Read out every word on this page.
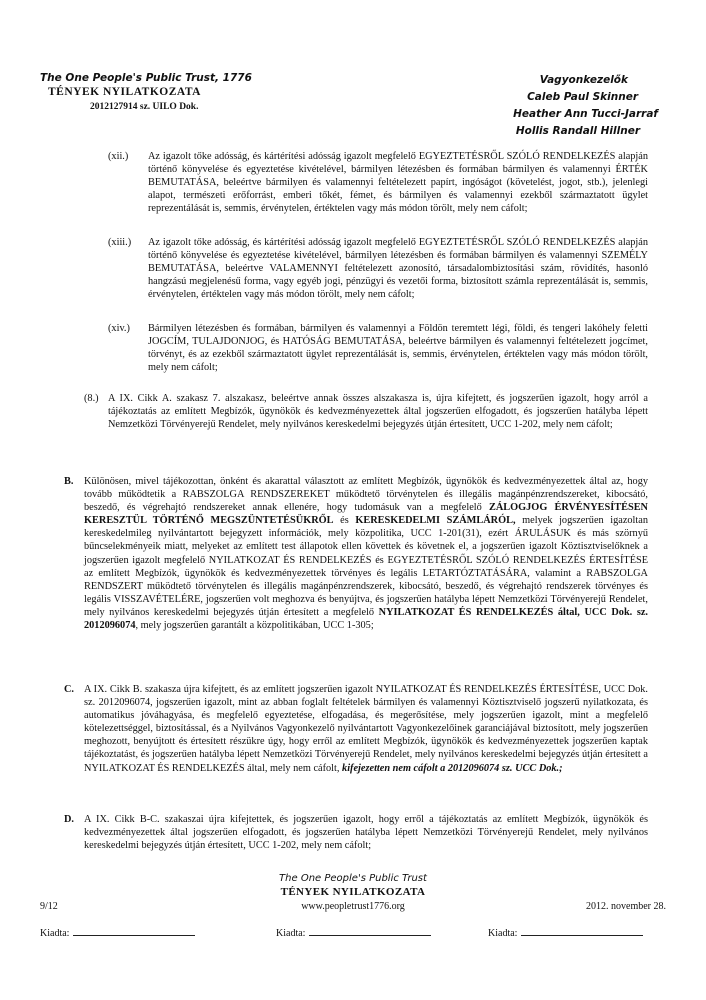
The One People's Public Trust, 1776
TÉNYEK NYILATKOZATA
2012127914 sz. UILO Dok.
Vagyonkezelők
Caleb Paul Skinner
Heather Ann Tucci-Jarraf
Hollis Randall Hillner
(xii.)	Az igazolt tőke adósság, és kártérítési adósság igazolt megfelelő EGYEZTETÉSRŐL SZÓLÓ RENDELKEZÉS alapján történő könyvelése és egyeztetése kivételével, bármilyen létezésben és formában bármilyen és valamennyi ÉRTÉK BEMUTATÁSA, beleértve bármilyen és valamennyi feltételezett papírt, ingóságot (követelést, jogot, stb.), jelenlegi alapot, természeti erőforrást, emberi tőkét, fémet, és bármilyen és valamennyi ezekből származtatott ügylet reprezentálását is, semmis, érvénytelen, értéktelen vagy más módon törölt, mely nem cáfolt;
(xiii.)	Az igazolt tőke adósság, és kártérítési adósság igazolt megfelelő EGYEZTETÉSRŐL SZÓLÓ RENDELKEZÉS alapján történő könyvelése és egyeztetése kivételével, bármilyen létezésben és formában bármilyen és valamennyi SZEMÉLY BEMUTATÁSA, beleértve VALAMENNYI feltételezett azonosító, társadalombiztosítási szám, rövidítés, hasonló hangzású megjelenésű forma, vagy egyéb jogi, pénzügyi és vezetői forma, biztosított számla reprezentálását is, semmis, érvénytelen, értéktelen vagy más módon törölt, mely nem cáfolt;
(xiv.)	Bármilyen létezésben és formában, bármilyen és valamennyi a Földön teremtett légi, földi, és tengeri lakóhely feletti JOGCÍM, TULAJDONJOG, és HATÓSÁG BEMUTATÁSA, beleértve bármilyen és valamennyi feltételezett jogcímet, törvényt, és az ezekből származtatott ügylet reprezentálását is, semmis, érvénytelen, értéktelen vagy más módon törölt, mely nem cáfolt;
(8.) A IX. Cikk A. szakasz 7. alszakasz, beleértve annak összes alszakasza is, újra kifejtett, és jogszerűen igazolt, hogy arról a tájékoztatás az említett Megbízók, ügynökök és kedvezményezettek által jogszerűen elfogadott, és jogszerűen hatályba lépett Nemzetközi Törvényerejű Rendelet, mely nyilvános kereskedelmi bejegyzés útján értesített, UCC 1-202, mely nem cáfolt;
B. Különösen, mivel tájékozottan, önként és akarattal választott az említett Megbízók, ügynökök és kedvezményezettek által az, hogy tovább működtetik a RABSZOLGA RENDSZEREKET működtető törvénytelen és illegális magánpénzrendszereket, kibocsátó, beszedő, és végrehajtó rendszereket annak ellenére, hogy tudomásuk van a megfelelő ZÁLOGJOG ÉRVÉNYESÍTÉSEN KERESZTÜL TÖRTÉNŐ MEGSZÜNTETÉSÜKRŐL és KERESKEDELMI SZÁMLÁRÓL, melyek jogszerűen igazoltan kereskedelmileg nyilvántartott bejegyzett információk, mely közpolitika, UCC 1-201(31), ezért ÁRULÁSUK és más szörnyű bűncselekményeik miatt, melyeket az említett test állapotok ellen követtek és követnek el, a jogszerűen igazolt Köztisztviselőknek a jogszerűen igazolt megfelelő NYILATKOZAT ÉS RENDELKEZÉS és EGYEZTETÉSRŐL SZÓLÓ RENDELKEZÉS ÉRTESÍTÉSE az említett Megbízók, ügynökök és kedvezményezettek törvényes és legális LETARTÓZTATÁSÁRA, valamint a RABSZOLGA RENDSZERT működtető törvénytelen és illegális magánpénzrendszerek, kibocsátó, beszedő, és végrehajtó rendszerek törvényes és legális VISSZAVÉTELÉRE, jogszerűen volt meghozva és benyújtva, és jogszerűen hatályba lépett Nemzetközi Törvényerejű Rendelet, mely nyilvános kereskedelmi bejegyzés útján értesített a megfelelő NYILATKOZAT ÉS RENDELKEZÉS által, UCC Dok. sz. 2012096074, mely jogszerűen garantált a közpolitikában, UCC 1-305;
C. A IX. Cikk B. szakasza újra kifejtett, és az említett jogszerűen igazolt NYILATKOZAT ÉS RENDELKEZÉS ÉRTESÍTÉSE, UCC Dok. sz. 2012096074, jogszerűen igazolt, mint az abban foglalt feltételek bármilyen és valamennyi Köztisztviselő jogszerű nyilatkozata, és automatikus jóváhagyása, és megfelelő egyeztetése, elfogadása, és megerősítése, mely jogszerűen igazolt, mint a megfelelő kötelezettséggel, biztosítással, és a Nyilvános Vagyonkezelő nyilvántartott Vagyonkezelőinek garanciájával biztosított, mely jogszerűen meghozott, benyújtott és értesített részükre úgy, hogy erről az említett Megbízók, ügynökök és kedvezményezettek jogszerűen kaptak tájékoztatást, és jogszerűen hatályba lépett Nemzetközi Törvényerejű Rendelet, mely nyilvános kereskedelmi bejegyzés útján értesített a NYILATKOZAT ÉS RENDELKEZÉS által, mely nem cáfolt, kifejezetten nem cáfolt a 2012096074 sz. UCC Dok.;
D. A IX. Cikk B-C. szakaszai újra kifejtettek, és jogszerűen igazolt, hogy erről a tájékoztatás az említett Megbízók, ügynökök és kedvezményezettek által jogszerűen elfogadott, és jogszerűen hatályba lépett Nemzetközi Törvényerejű Rendelet, mely nyilvános kereskedelmi bejegyzés útján értesített, UCC 1-202, mely nem cáfolt;
The One People's Public Trust
TÉNYEK NYILATKOZATA
9/12	www.peopletrust1776.org	2012. november 28.
Kiadta:	Kiadta:	Kiadta:
